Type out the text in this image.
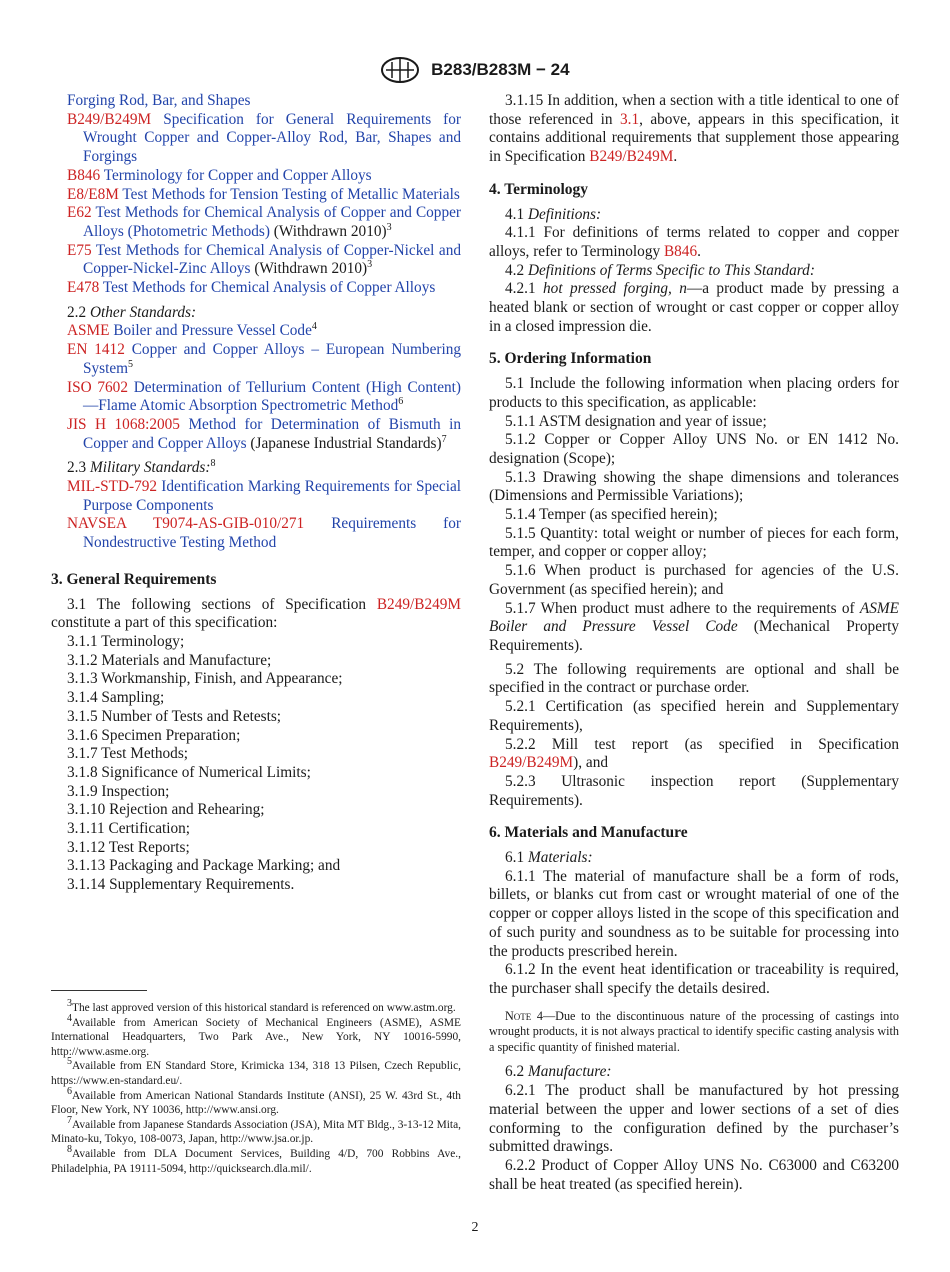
B283/B283M − 24

Forging Rod, Bar, and Shapes

B249/B249M Specification for General Requirements for Wrought Copper and Copper-Alloy Rod, Bar, Shapes and Forgings

B846 Terminology for Copper and Copper Alloys

E8/E8M Test Methods for Tension Testing of Metallic Materials

E62 Test Methods for Chemical Analysis of Copper and Copper Alloys (Photometric Methods) (Withdrawn 2010)$^3$

E75 Test Methods for Chemical Analysis of Copper-Nickel and Copper-Nickel-Zinc Alloys (Withdrawn 2010)$^3$

E478 Test Methods for Chemical Analysis of Copper Alloys

2.2 Other Standards:

ASME Boiler and Pressure Vessel Code$^4$

EN 1412 Copper and Copper Alloys – European Numbering System$^5$

ISO 7602 Determination of Tellurium Content (High Content)—Flame Atomic Absorption Spectrometric Method$^6$

JIS H 1068:2005 Method for Determination of Bismuth in Copper and Copper Alloys (Japanese Industrial Standards)$^7$

2.3 Military Standards:$^8$

MIL-STD-792 Identification Marking Requirements for Special Purpose Components

NAVSEA T9074-AS-GIB-010/271 Requirements for Nondestructive Testing Method

3. General Requirements

3.1 The following sections of Specification B249/B249M constitute a part of this specification:

3.1.1 Terminology;

3.1.2 Materials and Manufacture;

3.1.3 Workmanship, Finish, and Appearance;

3.1.4 Sampling;

3.1.5 Number of Tests and Retests;

3.1.6 Specimen Preparation;

3.1.7 Test Methods;

3.1.8 Significance of Numerical Limits;

3.1.9 Inspection;

3.1.10 Rejection and Rehearing;

3.1.11 Certification;

3.1.12 Test Reports;

3.1.13 Packaging and Package Marking; and

3.1.14 Supplementary Requirements.

$^3$The last approved version of this historical standard is referenced on www.astm.org.

$^4$Available from American Society of Mechanical Engineers (ASME), ASME International Headquarters, Two Park Ave., New York, NY 10016-5990, http://www.asme.org.

$^5$Available from EN Standard Store, Krimicka 134, 318 13 Pilsen, Czech Republic, https://www.en-standard.eu/.

$^6$Available from American National Standards Institute (ANSI), 25 W. 43rd St., 4th Floor, New York, NY 10036, http://www.ansi.org.

$^7$Available from Japanese Standards Association (JSA), Mita MT Bldg., 3-13-12 Mita, Minato-ku, Tokyo, 108-0073, Japan, http://www.jsa.or.jp.

$^8$Available from DLA Document Services, Building 4/D, 700 Robbins Ave., Philadelphia, PA 19111-5094, http://quicksearch.dla.mil/.

3.1.15 In addition, when a section with a title identical to one of those referenced in 3.1, above, appears in this specification, it contains additional requirements that supplement those appearing in Specification B249/B249M.

4. Terminology

4.1 Definitions:

4.1.1 For definitions of terms related to copper and copper alloys, refer to Terminology B846.

4.2 Definitions of Terms Specific to This Standard:

4.2.1 hot pressed forging, n—a product made by pressing a heated blank or section of wrought or cast copper or copper alloy in a closed impression die.

5. Ordering Information

5.1 Include the following information when placing orders for products to this specification, as applicable:

5.1.1 ASTM designation and year of issue;

5.1.2 Copper or Copper Alloy UNS No. or EN 1412 No. designation (Scope);

5.1.3 Drawing showing the shape dimensions and tolerances (Dimensions and Permissible Variations);

5.1.4 Temper (as specified herein);

5.1.5 Quantity: total weight or number of pieces for each form, temper, and copper or copper alloy;

5.1.6 When product is purchased for agencies of the U.S. Government (as specified herein); and

5.1.7 When product must adhere to the requirements of ASME Boiler and Pressure Vessel Code (Mechanical Property Requirements).

5.2 The following requirements are optional and shall be specified in the contract or purchase order.

5.2.1 Certification (as specified herein and Supplementary Requirements),

5.2.2 Mill test report (as specified in Specification B249/B249M), and

5.2.3 Ultrasonic inspection report (Supplementary Requirements).

6. Materials and Manufacture

6.1 Materials:

6.1.1 The material of manufacture shall be a form of rods, billets, or blanks cut from cast or wrought material of one of the copper or copper alloys listed in the scope of this specification and of such purity and soundness as to be suitable for processing into the products prescribed herein.

6.1.2 In the event heat identification or traceability is required, the purchaser shall specify the details desired.

Note 4—Due to the discontinuous nature of the processing of castings into wrought products, it is not always practical to identify specific casting analysis with a specific quantity of finished material.

6.2 Manufacture:

6.2.1 The product shall be manufactured by hot pressing material between the upper and lower sections of a set of dies conforming to the configuration defined by the purchaser’s submitted drawings.

6.2.2 Product of Copper Alloy UNS No. C63000 and C63200 shall be heat treated (as specified herein).

2
